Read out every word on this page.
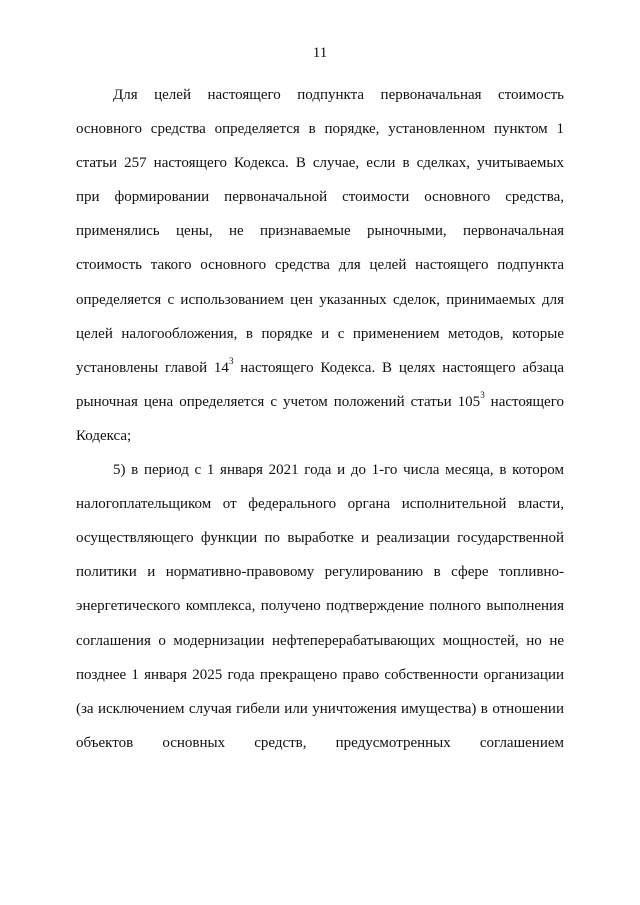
11
Для целей настоящего подпункта первоначальная стоимость
основного средства определяется в порядке, установленном пунктом 1
статьи 257 настоящего Кодекса. В случае, если в сделках, учитываемых
при формировании первоначальной стоимости основного средства,
применялись цены, не признаваемые рыночными, первоначальная
стоимость такого основного средства для целей настоящего подпункта
определяется с использованием цен указанных сделок, принимаемых для
целей налогообложения, в порядке и с применением методов, которые
установлены главой $14^3$ настоящего Кодекса. В целях настоящего абзаца
рыночная цена определяется с учетом положений статьи $105^3$ настоящего
Кодекса;
5) в период с 1 января 2021 года и до 1-го числа месяца, в котором
налогоплательщиком от федерального органа исполнительной власти,
осуществляющего функции по выработке и реализации государственной
политики и нормативно-правовому регулированию в сфере топливно-
энергетического комплекса, получено подтверждение полного выполнения
соглашения о модернизации нефтеперерабатывающих мощностей, но не
позднее 1 января 2025 года прекращено право собственности организации
(за исключением случая гибели или уничтожения имущества) в отношении
объектов основных средств, предусмотренных соглашением
